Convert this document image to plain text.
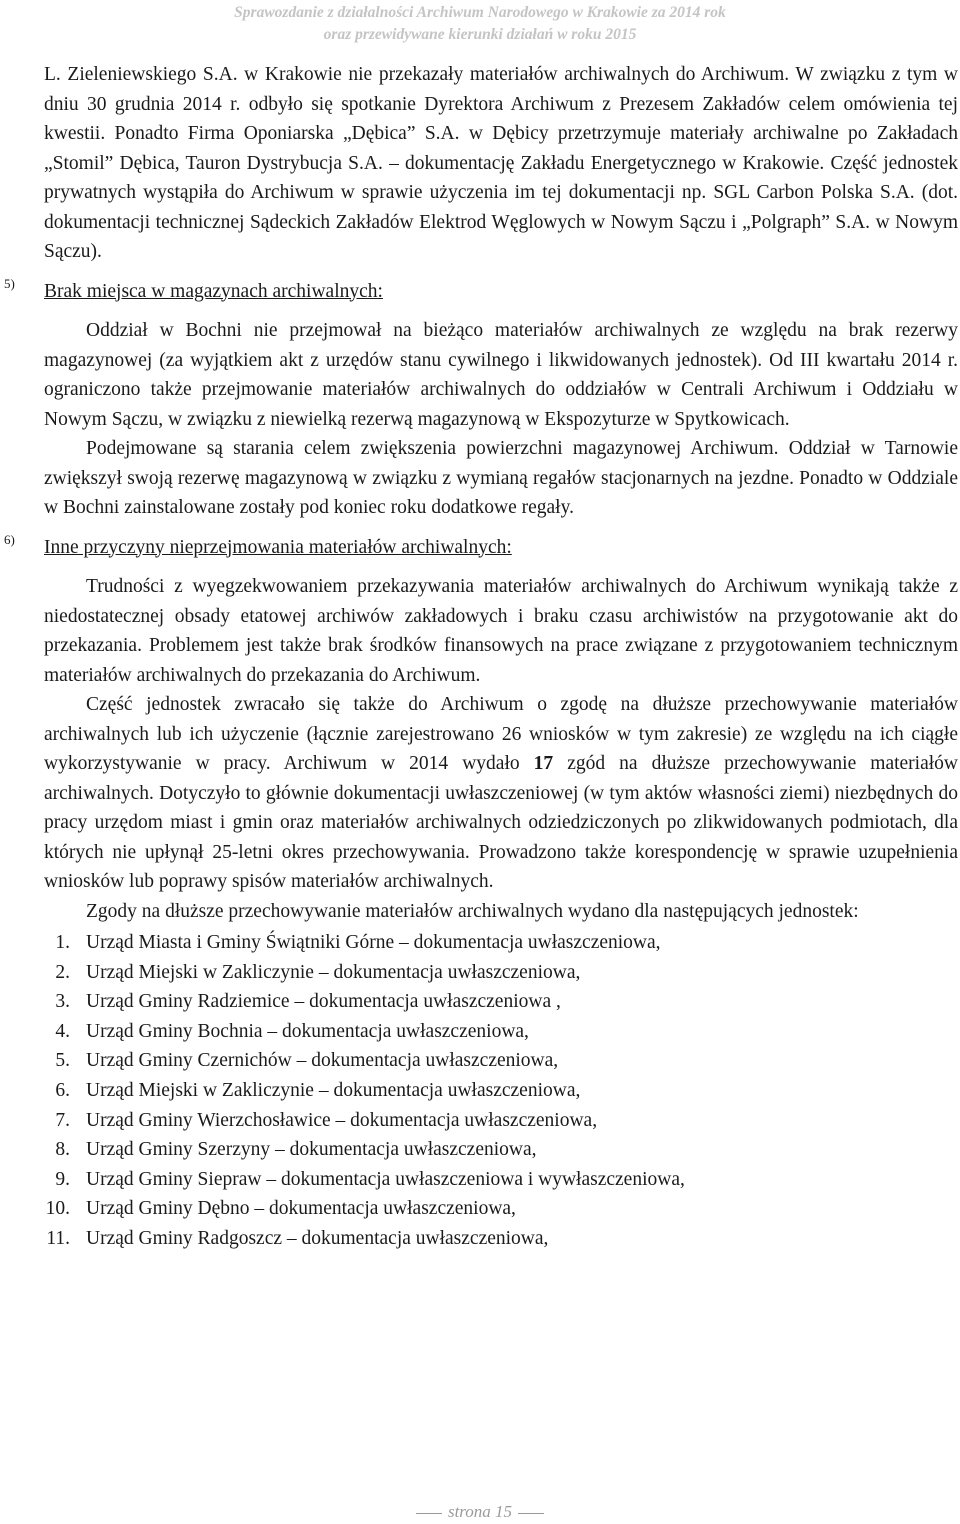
Sprawozdanie z działalności Archiwum Narodowego w Krakowie za 2014 rok
oraz przewidywane kierunki działań w roku 2015

L. Zieleniewskiego S.A. w Krakowie nie przekazały materiałów archiwalnych do Archiwum. W związku z tym w dniu 30 grudnia 2014 r. odbyło się spotkanie Dyrektora Archiwum z Prezesem Zakładów celem omówienia tej kwestii. Ponadto Firma Oponiarska „Dębica” S.A. w Dębicy przetrzymuje materiały archiwalne po Zakładach „Stomil” Dębica, Tauron Dystrybucja S.A. – dokumentację Zakładu Energetycznego w Krakowie. Część jednostek prywatnych wystąpiła do Archiwum w sprawie użyczenia im tej dokumentacji np. SGL Carbon Polska S.A. (dot. dokumentacji technicznej Sądeckich Zakładów Elektrod Węglowych w Nowym Sączu i „Polgraph” S.A. w Nowym Sączu).

5) Brak miejsca w magazynach archiwalnych:

Oddział w Bochni nie przejmował na bieżąco materiałów archiwalnych ze względu na brak rezerwy magazynowej (za wyjątkiem akt z urzędów stanu cywilnego i likwidowanych jednostek). Od III kwartału 2014 r. ograniczono także przejmowanie materiałów archiwalnych do oddziałów w Centrali Archiwum i Oddziału w Nowym Sączu, w związku z niewielką rezerwą magazynową w Ekspozyturze w Spytkowicach.

Podejmowane są starania celem zwiększenia powierzchni magazynowej Archiwum. Oddział w Tarnowie zwiększył swoją rezerwę magazynową w związku z wymianą regałów stacjonarnych na jezdne. Ponadto w Oddziale w Bochni zainstalowane zostały pod koniec roku dodatkowe regały.

6) Inne przyczyny nieprzejmowania materiałów archiwalnych:

Trudności z wyegzekwowaniem przekazywania materiałów archiwalnych do Archiwum wynikają także z niedostatecznej obsady etatowej archiwów zakładowych i braku czasu archiwistów na przygotowanie akt do przekazania. Problemem jest także brak środków finansowych na prace związane z przygotowaniem technicznym materiałów archiwalnych do przekazania do Archiwum.

Część jednostek zwracało się także do Archiwum o zgodę na dłuższe przechowywanie materiałów archiwalnych lub ich użyczenie (łącznie zarejestrowano 26 wniosków w tym zakresie) ze względu na ich ciągłe wykorzystywanie w pracy. Archiwum w 2014 wydało 17 zgód na dłuższe przechowywanie materiałów archiwalnych. Dotyczyło to głównie dokumentacji uwłaszczeniowej (w tym aktów własności ziemi) niezbędnych do pracy urzędom miast i gmin oraz materiałów archiwalnych odziedziczonych po zlikwidowanych podmiotach, dla których nie upłynął 25-letni okres przechowywania. Prowadzono także korespondencję w sprawie uzupełnienia wniosków lub poprawy spisów materiałów archiwalnych.

Zgody na dłuższe przechowywanie materiałów archiwalnych wydano dla następujących jednostek:

1. Urząd Miasta i Gminy Świątniki Górne – dokumentacja uwłaszczeniowa,
2. Urząd Miejski w Zakliczynie – dokumentacja uwłaszczeniowa,
3. Urząd Gminy Radziemice – dokumentacja uwłaszczeniowa ,
4. Urząd Gminy Bochnia – dokumentacja uwłaszczeniowa,
5. Urząd Gminy Czernichów – dokumentacja uwłaszczeniowa,
6. Urząd Miejski w Zakliczynie – dokumentacja uwłaszczeniowa,
7. Urząd Gminy Wierzchosławice – dokumentacja uwłaszczeniowa,
8. Urząd Gminy Szerzyny – dokumentacja uwłaszczeniowa,
9. Urząd Gminy Siepraw – dokumentacja uwłaszczeniowa i wywłaszczeniowa,
10. Urząd Gminy Dębno – dokumentacja uwłaszczeniowa,
11. Urząd Gminy Radgoszcz – dokumentacja uwłaszczeniowa,
strona 15
